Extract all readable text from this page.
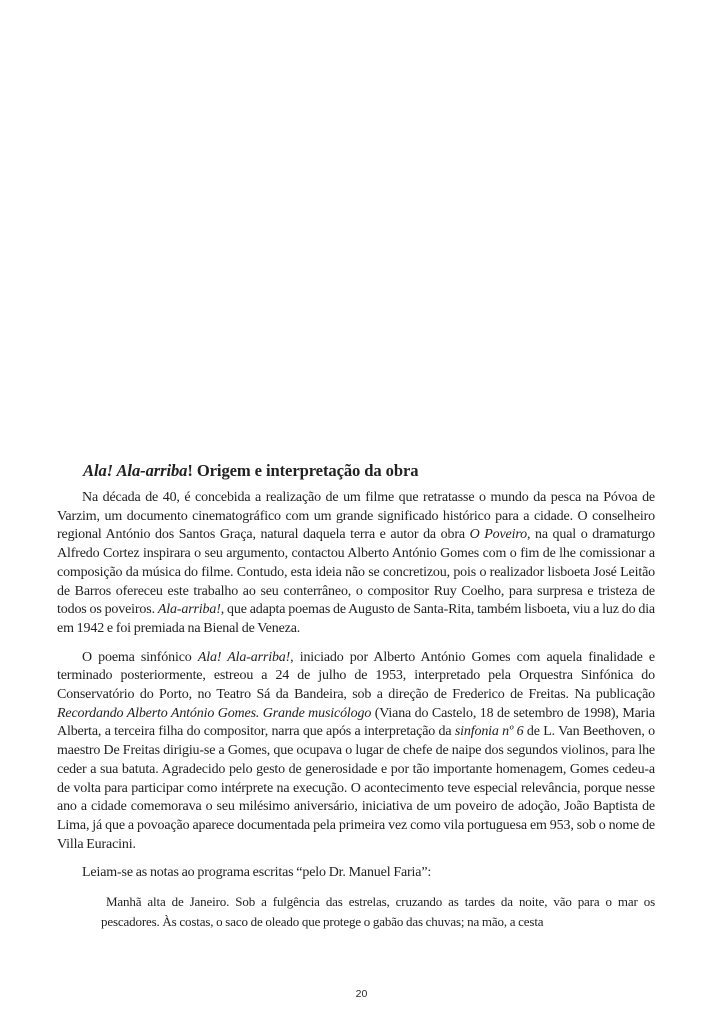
Ala! Ala-arriba! Origem e interpretação da obra

Na década de 40, é concebida a realização de um filme que retratasse o mundo da pesca na Póvoa de Varzim, um documento cinematográfico com um grande significado histórico para a cidade. O conselheiro regional António dos Santos Graça, natural daquela terra e autor da obra O Poveiro, na qual o dramaturgo Alfredo Cortez inspirara o seu argumento, contactou Alberto António Gomes com o fim de lhe comissionar a composição da música do filme. Contudo, esta ideia não se concretizou, pois o realizador lisboeta José Leitão de Barros ofereceu este trabalho ao seu conterrâneo, o compositor Ruy Coelho, para surpresa e tristeza de todos os poveiros. Ala-arriba!, que adapta poemas de Augusto de Santa-Rita, também lisboeta, viu a luz do dia em 1942 e foi premiada na Bienal de Veneza.

O poema sinfónico Ala! Ala-arriba!, iniciado por Alberto António Gomes com aquela finalidade e terminado posteriormente, estreou a 24 de julho de 1953, interpretado pela Orquestra Sinfónica do Conservatório do Porto, no Teatro Sá da Bandeira, sob a direção de Frederico de Freitas. Na publicação Recordando Alberto António Gomes. Grande musicólogo (Viana do Castelo, 18 de setembro de 1998), Maria Alberta, a terceira filha do compositor, narra que após a interpretação da sinfonia nº 6 de L. Van Beethoven, o maestro De Freitas dirigiu-se a Gomes, que ocupava o lugar de chefe de naipe dos segundos violinos, para lhe ceder a sua batuta. Agradecido pelo gesto de generosidade e por tão importante homenagem, Gomes cedeu-a de volta para participar como intérprete na execução. O acontecimento teve especial relevância, porque nesse ano a cidade comemorava o seu milésimo aniversário, iniciativa de um poveiro de adoção, João Baptista de Lima, já que a povoação aparece documentada pela primeira vez como vila portuguesa em 953, sob o nome de Villa Euracini.

Leiam-se as notas ao programa escritas “pelo Dr. Manuel Faria”:

Manhã alta de Janeiro. Sob a fulgência das estrelas, cruzando as tardes da noite, vão para o mar os pescadores. Às costas, o saco de oleado que protege o gabão das chuvas; na mão, a cesta

20
